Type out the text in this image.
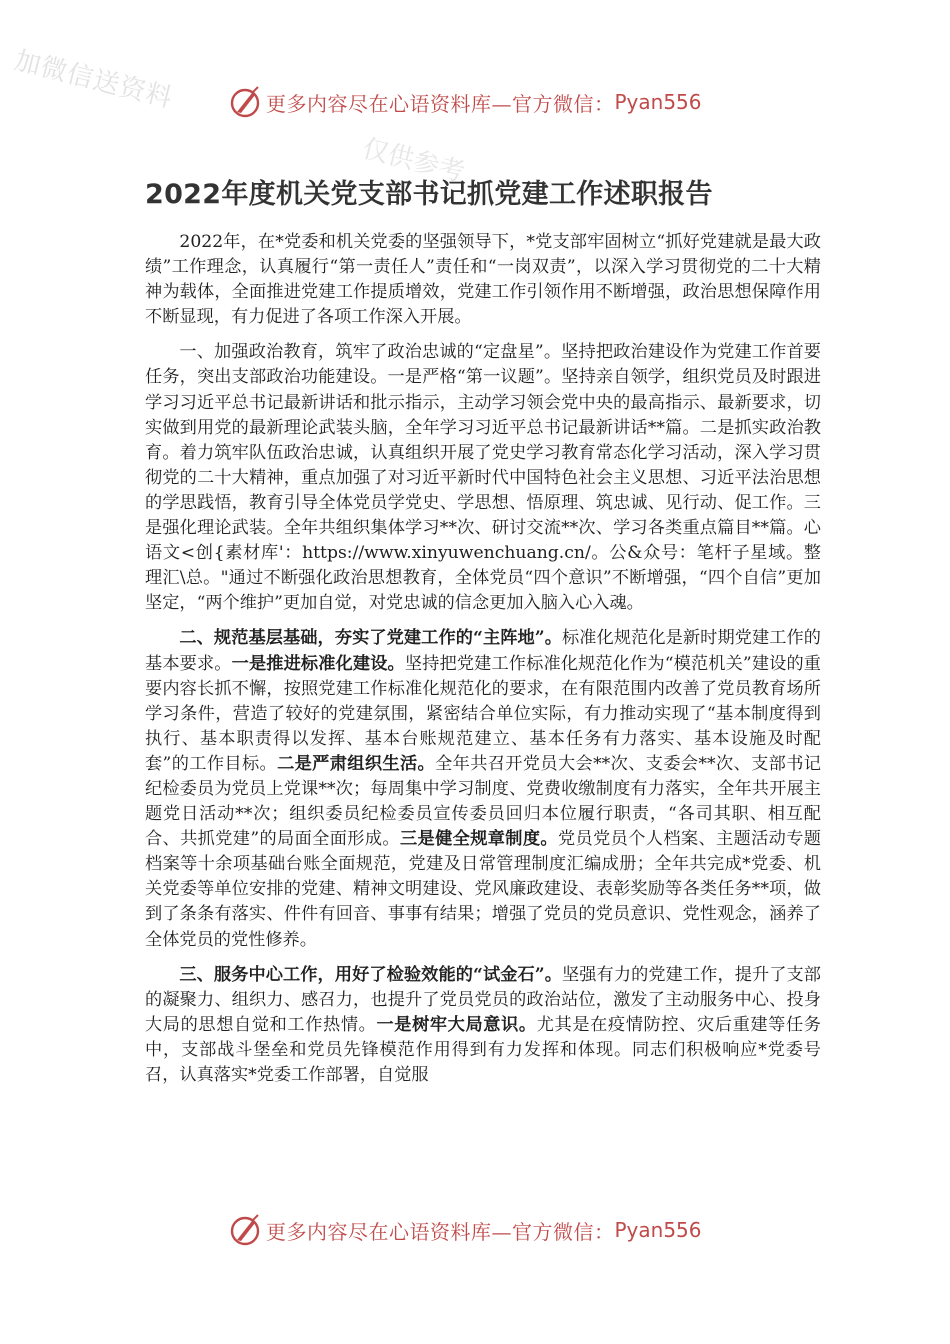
加微信送资料
仅供参考
更多内容尽在心语资料库—官方微信： Pyan556
2022年度机关党支部书记抓党建工作述职报告

2022年，在*党委和机关党委的坚强领导下，*党支部牢固树立“抓好党建就是最大政绩”工作理念，认真履行“第一责任人”责任和“一岗双责”，以深入学习贯彻党的二十大精神为载体，全面推进党建工作提质增效，党建工作引领作用不断增强，政治思想保障作用不断显现，有力促进了各项工作深入开展。

一、加强政治教育，筑牢了政治忠诚的“定盘星”。坚持把政治建设作为党建工作首要任务，突出支部政治功能建设。一是严格“第一议题”。坚持亲自领学，组织党员及时跟进学习习近平总书记最新讲话和批示指示，主动学习领会党中央的最高指示、最新要求，切实做到用党的最新理论武装头脑，全年学习习近平总书记最新讲话**篇。二是抓实政治教育。着力筑牢队伍政治忠诚，认真组织开展了党史学习教育常态化学习活动，深入学习贯彻党的二十大精神，重点加强了对习近平新时代中国特色社会主义思想、习近平法治思想的学思践悟，教育引导全体党员学党史、学思想、悟原理、筑忠诚、见行动、促工作。三是强化理论武装。全年共组织集体学习**次、研讨交流**次、学习各类重点篇目**篇。心语文<创{素材库'：https://www.xinyuwenchuang.cn/。公&众号：笔杆子星域。整理汇\总。"通过不断强化政治思想教育，全体党员“四个意识”不断增强，“四个自信”更加坚定，“两个维护”更加自觉，对党忠诚的信念更加入脑入心入魂。

二、规范基层基础，夯实了党建工作的“主阵地”。标准化规范化是新时期党建工作的基本要求。一是推进标准化建设。坚持把党建工作标准化规范化作为“模范机关”建设的重要内容长抓不懈，按照党建工作标准化规范化的要求，在有限范围内改善了党员教育场所学习条件，营造了较好的党建氛围，紧密结合单位实际，有力推动实现了“基本制度得到执行、基本职责得以发挥、基本台账规范建立、基本任务有力落实、基本设施及时配套”的工作目标。二是严肃组织生活。全年共召开党员大会**次、支委会**次、支部书记纪检委员为党员上党课**次；每周集中学习制度、党费收缴制度有力落实，全年共开展主题党日活动**次；组织委员纪检委员宣传委员回归本位履行职责，“各司其职、相互配合、共抓党建”的局面全面形成。三是健全规章制度。党员党员个人档案、主题活动专题档案等十余项基础台账全面规范，党建及日常管理制度汇编成册；全年共完成*党委、机关党委等单位安排的党建、精神文明建设、党风廉政建设、表彰奖励等各类任务**项，做到了条条有落实、件件有回音、事事有结果；增强了党员的党员意识、党性观念，涵养了全体党员的党性修养。

三、服务中心工作，用好了检验效能的“试金石”。坚强有力的党建工作，提升了支部的凝聚力、组织力、感召力，也提升了党员党员的政治站位，激发了主动服务中心、投身大局的思想自觉和工作热情。一是树牢大局意识。尤其是在疫情防控、灾后重建等任务中，支部战斗堡垒和党员先锋模范作用得到有力发挥和体现。同志们积极响应*党委号召，认真落实*党委工作部署，自觉服

更多内容尽在心语资料库—官方微信： Pyan556
